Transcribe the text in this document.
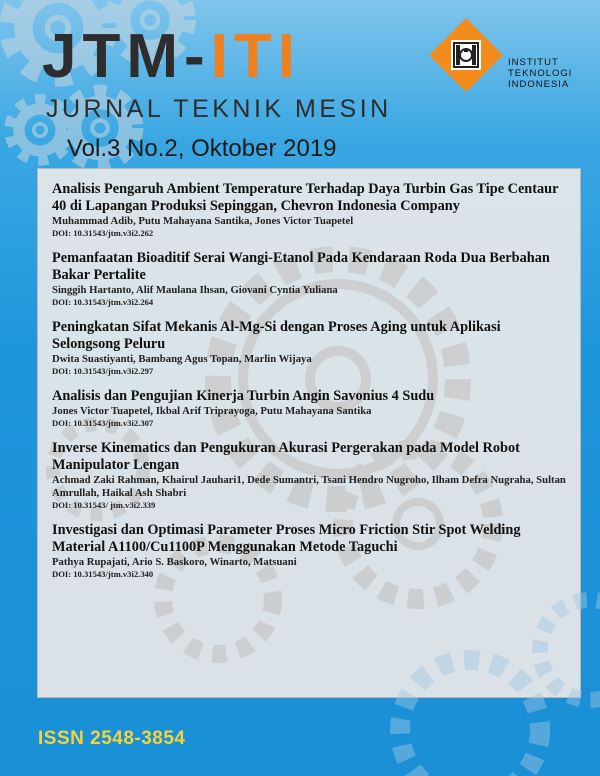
JTM-ITI
JURNAL TEKNIK MESIN
Vol.3 No.2, Oktober 2019
INSTITUT
TEKNOLOGI
INDONESIA
Analisis Pengaruh Ambient Temperature Terhadap Daya Turbin Gas Tipe Centaur 40 di Lapangan Produksi Sepinggan, Chevron Indonesia Company
Muhammad Adib, Putu Mahayana Santika, Jones Victor Tuapetel
DOI: 10.31543/jtm.v3i2.262
Pemanfaatan Bioaditif Serai Wangi-Etanol Pada Kendaraan Roda Dua Berbahan Bakar Pertalite
Singgih Hartanto, Alif Maulana Ihsan, Giovani Cyntia Yuliana
DOI: 10.31543/jtm.v3i2.264
Peningkatan Sifat Mekanis Al-Mg-Si dengan Proses Aging untuk Aplikasi Selongsong Peluru
Dwita Suastiyanti, Bambang Agus Topan, Marlin Wijaya
DOI: 10.31543/jtm.v3i2.297
Analisis dan Pengujian Kinerja Turbin Angin Savonius 4 Sudu
Jones Victor Tuapetel, Ikbal Arif Triprayoga, Putu Mahayana Santika
DOI: 10.31543/jtm.v3i2.307
Inverse Kinematics dan Pengukuran Akurasi Pergerakan pada Model Robot Manipulator Lengan
Achmad Zaki Rahman, Khairul Jauhari1, Dede Sumantri, Tsani Hendro Nugroho, Ilham Defra Nugraha, Sultan Amrullah, Haikal Ash Shabri
DOI: 10.31543/ jtm.v3i2.339
Investigasi dan Optimasi Parameter Proses Micro Friction Stir Spot Welding Material A1100/Cu1100P Menggunakan Metode Taguchi
Pathya Rupajati, Ario S. Baskoro, Winarto, Matsuani
DOI: 10.31543/jtm.v3i2.340
ISSN 2548-3854
